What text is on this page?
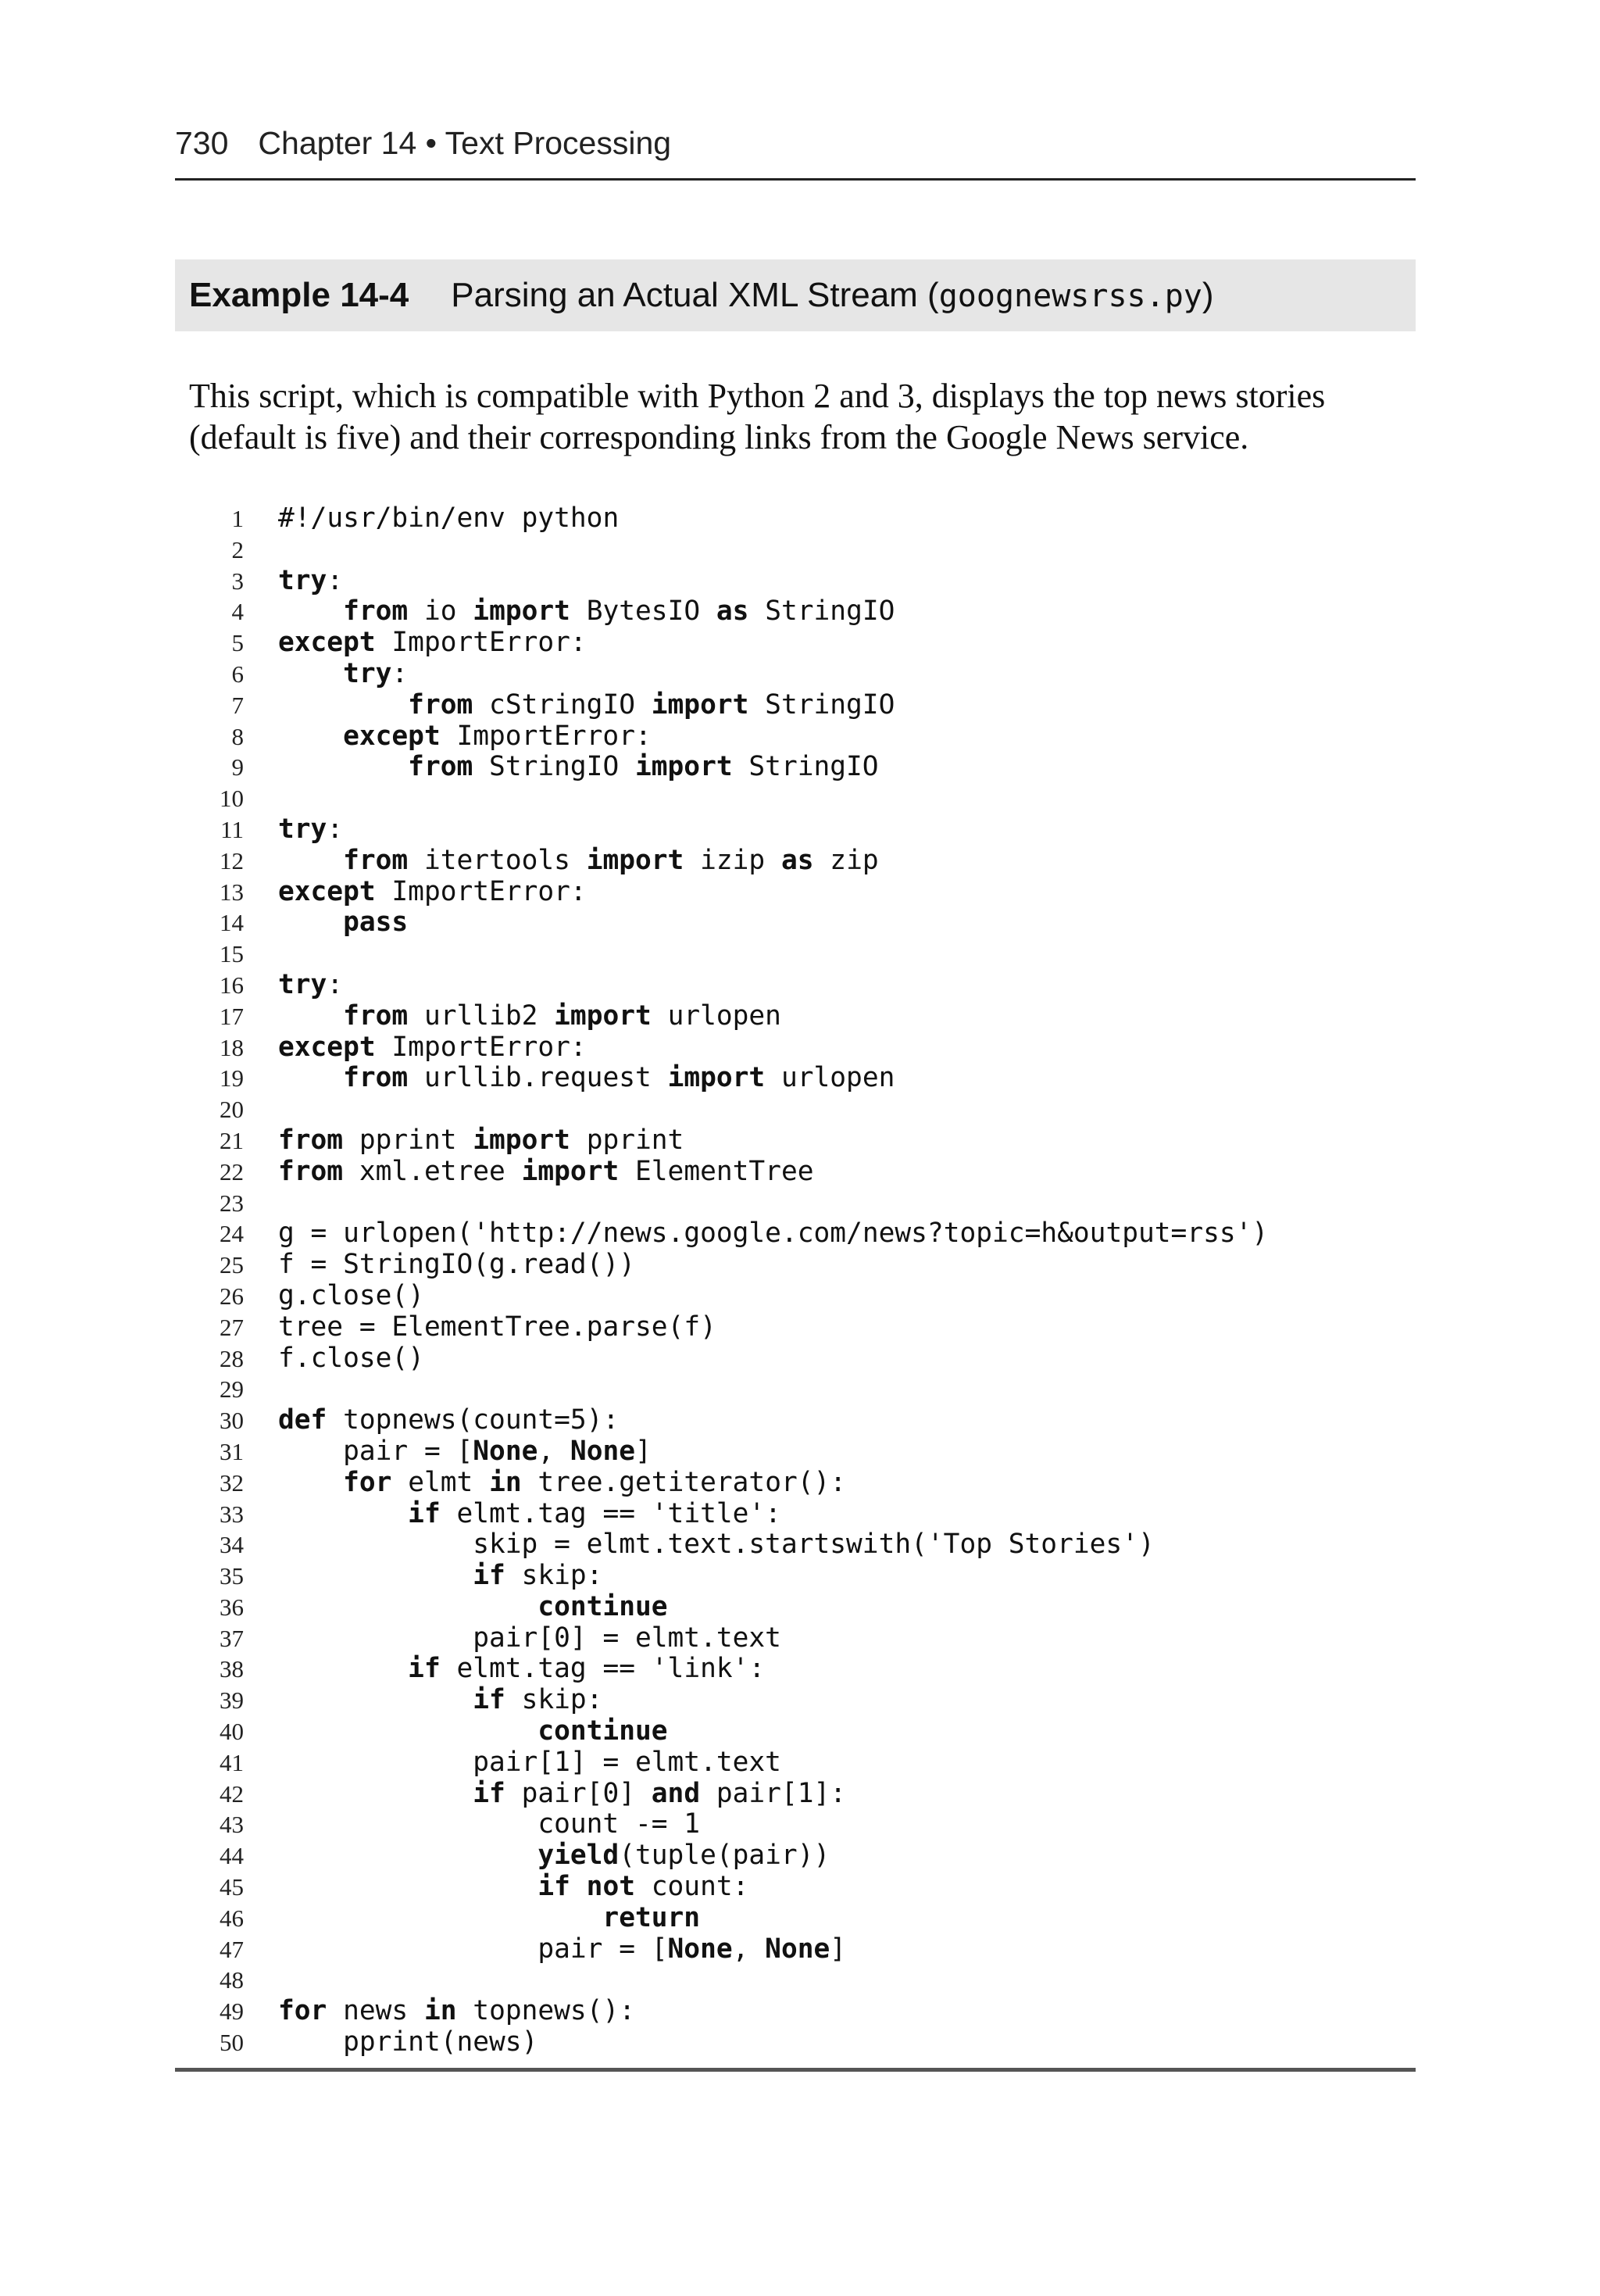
730 Chapter 14 • Text Processing
Example 14-4 Parsing an Actual XML Stream (goognewsrss.py)

This script, which is compatible with Python 2 and 3, displays the top news stories (default is five) and their corresponding links from the Google News service.

1 #!/usr/bin/env python
2
3 try:
4	from io import BytesIO as StringIO
5 except ImportError:
6	try:
7	from cStringIO import StringIO
8	except ImportError:
9	from StringIO import StringIO
10
11 try:
12	from itertools import izip as zip
13 except ImportError:
14	pass
15
16 try:
17	from urllib2 import urlopen
18 except ImportError:
19	from urllib.request import urlopen
20
21 from pprint import pprint
22 from xml.etree import ElementTree
23
24 g = urlopen('http://news.google.com/news?topic=h&output=rss')
25 f = StringIO(g.read())
26 g.close()
27 tree = ElementTree.parse(f)
28 f.close()
29
30 def topnews(count=5):
31	pair = [None, None]
32	for elmt in tree.getiterator():
33	if elmt.tag == 'title':
34	skip = elmt.text.startswith('Top Stories')
35	if skip:
36	continue
37	pair[0] = elmt.text
38	if elmt.tag == 'link':
39	if skip:
40	continue
41	pair[1] = elmt.text
42	if pair[0] and pair[1]:
43	count -= 1
44	yield(tuple(pair))
45	if not count:
46	return
47	pair = [None, None]
48
49 for news in topnews():
50	pprint(news)
